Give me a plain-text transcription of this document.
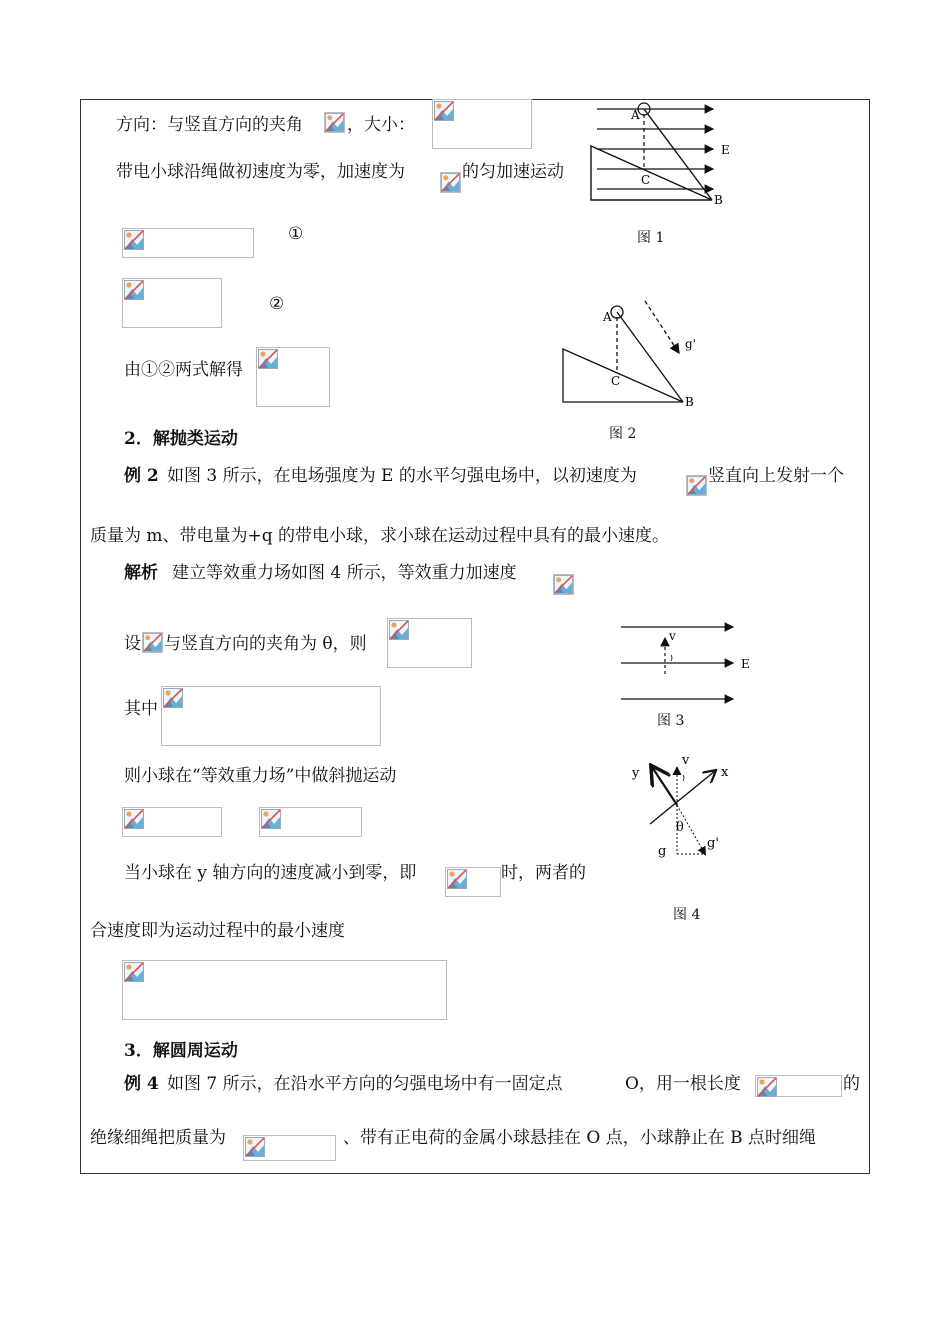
方向：与竖直方向的夹角	，大小：
带电小球沿绳做初速度为零，加速度为	的匀加速运动
A
C
E
B
图 1
①
②
由①②两式解得
A
C
g'
B
图 2
2．解抛类运动
例 2 如图 3 所示，在电场强度为 E 的水平匀强电场中，以初速度为	竖直向上发射一个
质量为 m、带电量为+q 的带电小球，求小球在运动过程中具有的最小速度。
解析 建立等效重力场如图 4 所示，等效重力加速度
设 与竖直方向的夹角为 θ，则	v
E
图 3
其中
则小球在“等效重力场”中做斜抛运动	y	x
v
θ
g
g'
图 4
当小球在 y 轴方向的速度减小到零，即	时，两者的
合速度即为运动过程中的最小速度
3．解圆周运动
例 4 如图 7 所示，在沿水平方向的匀强电场中有一固定点	O，用一根长度	的
绝缘细绳把质量为	、带有正电荷的金属小球悬挂在 O 点，小球静止在 B 点时细绳
